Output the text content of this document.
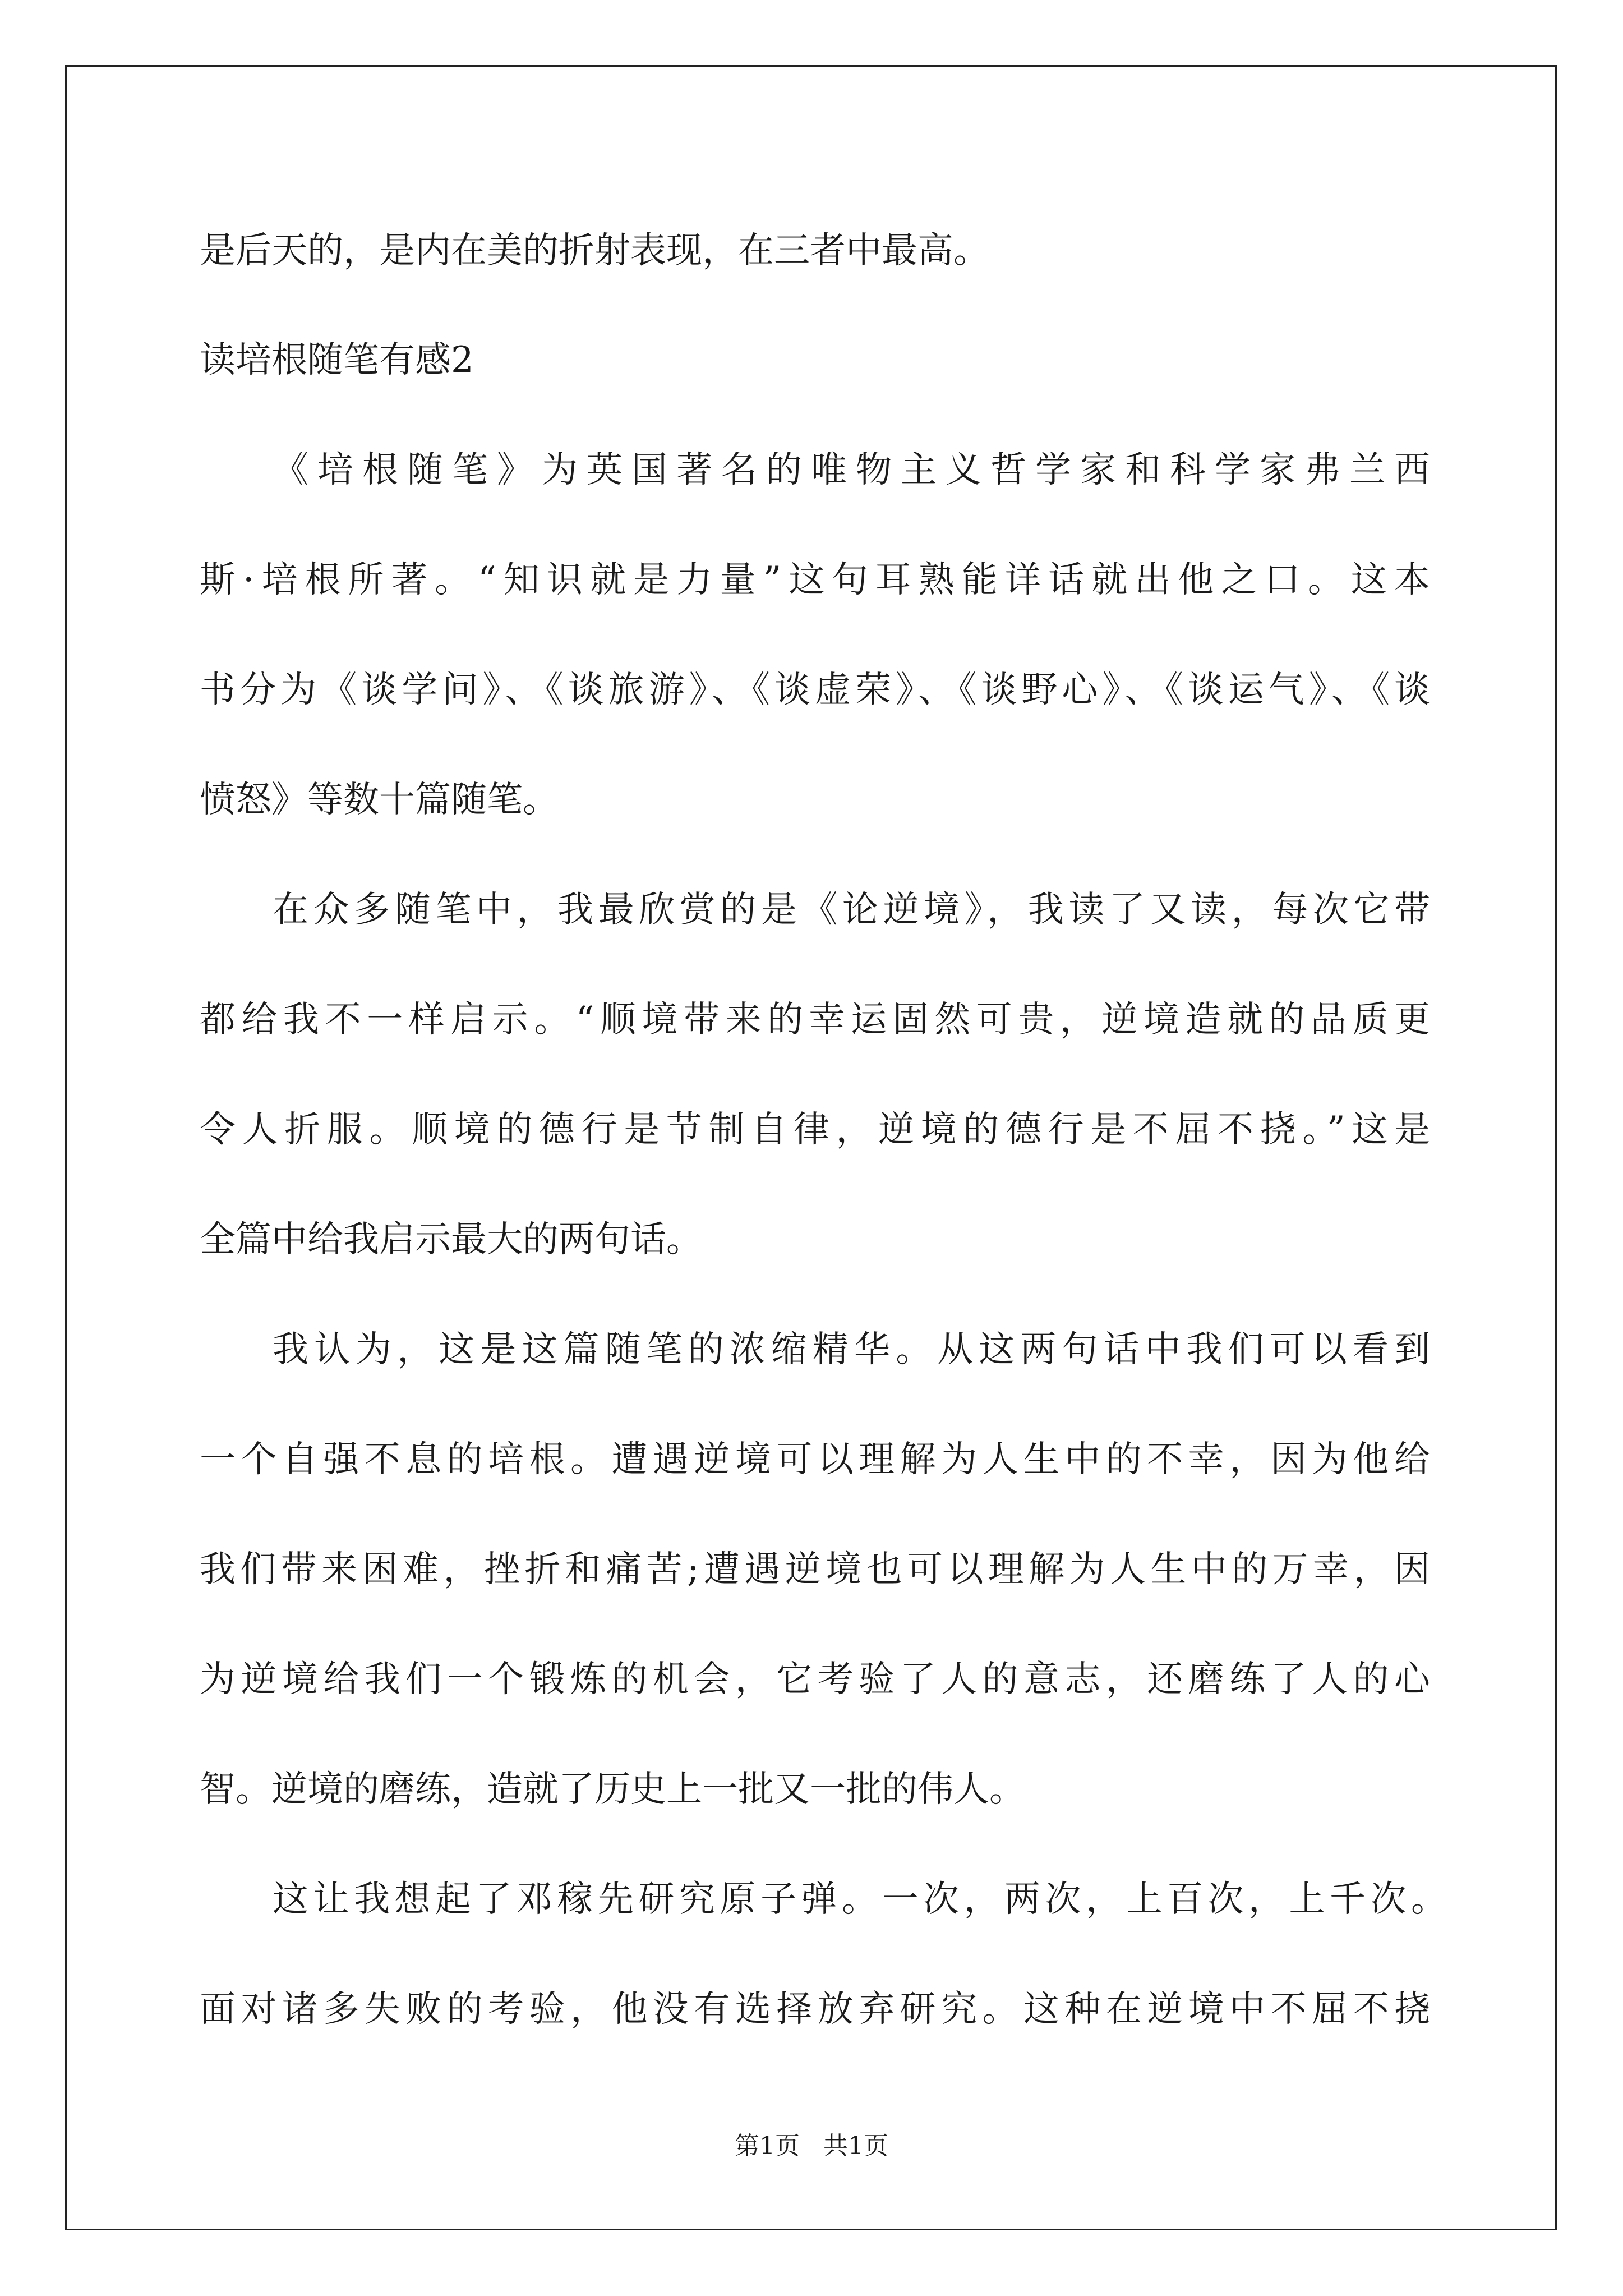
是后天的，是内在美的折射表现，在三者中最高。
读培根随笔有感2
《培根随笔》为英国著名的唯物主义哲学家和科学家弗兰西
斯·培根所著。“知识就是力量”这句耳熟能详话就出他之口。这本
书分为《谈学问》、《谈旅游》、《谈虚荣》、《谈野心》、《谈运气》、《谈
愤怒》等数十篇随笔。
在众多随笔中，我最欣赏的是《论逆境》，我读了又读，每次它带
都给我不一样启示。“顺境带来的幸运固然可贵，逆境造就的品质更
令人折服。顺境的德行是节制自律，逆境的德行是不屈不挠。”这是
全篇中给我启示最大的两句话。
我认为，这是这篇随笔的浓缩精华。从这两句话中我们可以看到
一个自强不息的培根。遭遇逆境可以理解为人生中的不幸，因为他给
我们带来困难，挫折和痛苦;遭遇逆境也可以理解为人生中的万幸，因
为逆境给我们一个锻炼的机会，它考验了人的意志，还磨练了人的心
智。逆境的磨练，造就了历史上一批又一批的伟人。
这让我想起了邓稼先研究原子弹。一次，两次，上百次，上千次。
面对诸多失败的考验，他没有选择放弃研究。这种在逆境中不屈不挠
第1页   共1页
